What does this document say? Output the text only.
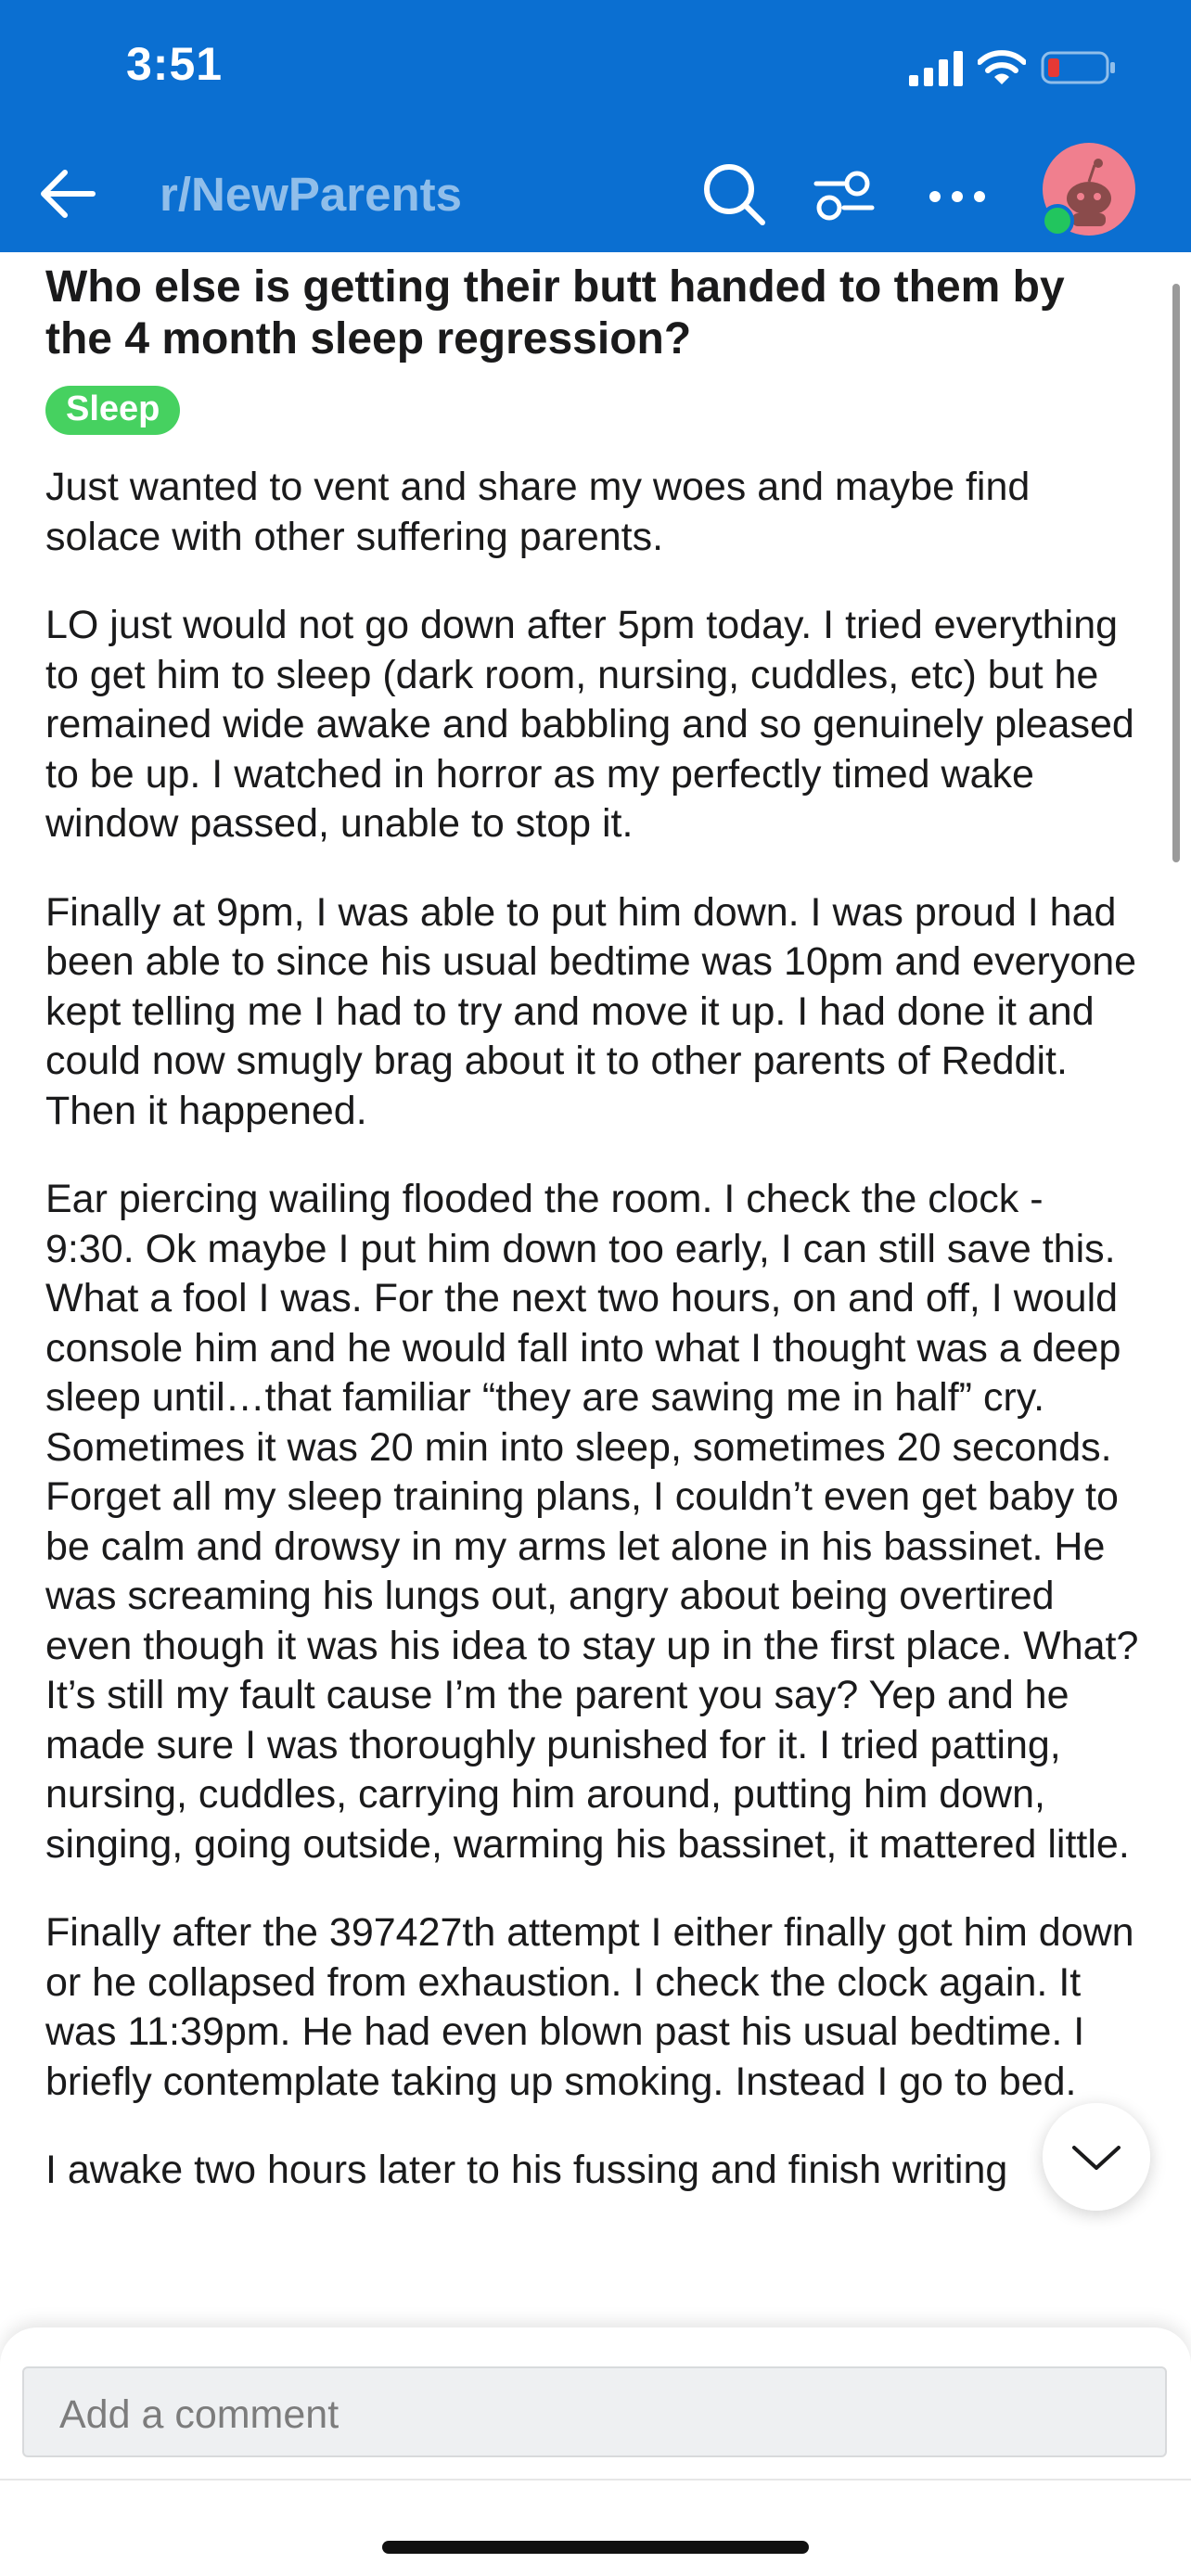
3:51
r/NewParents
Who else is getting their butt handed to them by the 4 month sleep regression?
Sleep

Just wanted to vent and share my woes and maybe find solace with other suffering parents.

LO just would not go down after 5pm today. I tried everything to get him to sleep (dark room, nursing, cuddles, etc) but he remained wide awake and babbling and so genuinely pleased to be up. I watched in horror as my perfectly timed wake window passed, unable to stop it.

Finally at 9pm, I was able to put him down. I was proud I had been able to since his usual bedtime was 10pm and everyone kept telling me I had to try and move it up. I had done it and could now smugly brag about it to other parents of Reddit. Then it happened.

Ear piercing wailing flooded the room. I check the clock - 9:30. Ok maybe I put him down too early, I can still save this. What a fool I was. For the next two hours, on and off, I would console him and he would fall into what I thought was a deep sleep until…that familiar “they are sawing me in half” cry. Sometimes it was 20 min into sleep, sometimes 20 seconds. Forget all my sleep training plans, I couldn’t even get baby to be calm and drowsy in my arms let alone in his bassinet. He was screaming his lungs out, angry about being overtired even though it was his idea to stay up in the first place. What? It’s still my fault cause I’m the parent you say? Yep and he made sure I was thoroughly punished for it. I tried patting, nursing, cuddles, carrying him around, putting him down, singing, going outside, warming his bassinet, it mattered little.

Finally after the 397427th attempt I either finally got him down or he collapsed from exhaustion. I check the clock again. It was 11:39pm. He had even blown past his usual bedtime. I briefly contemplate taking up smoking. Instead I go to bed.

I awake two hours later to his fussing and finish writing

Add a comment
